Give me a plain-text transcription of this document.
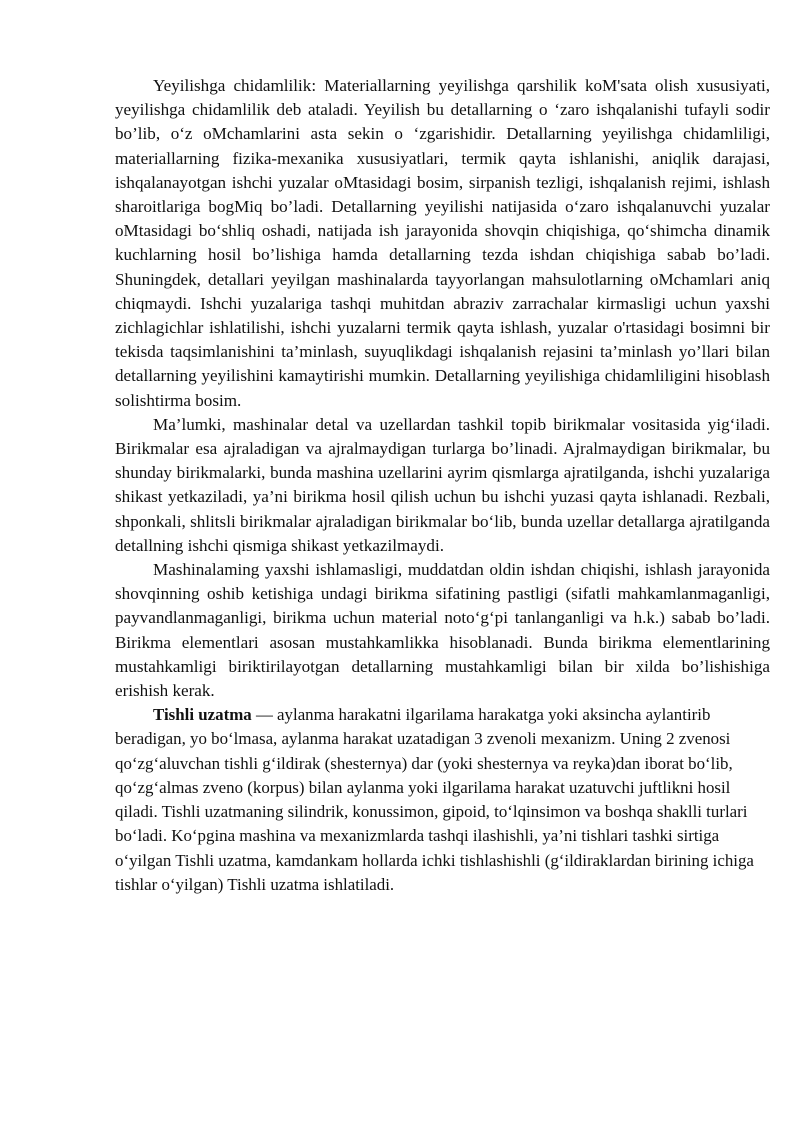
Yeyilishga chidamlilik: Materiallarning yeyilishga qarshilik koM'sata olish xususiyati, yeyilishga chidamlilik deb ataladi. Yeyilish bu detallarning o ‘zaro ishqalanishi tufayli sodir bo’lib, o‘z oMchamlarini asta sekin o ‘zgarishidir. Detallarning yeyilishga chidamliligi, materiallarning fizika-mexanika xususiyatlari, termik qayta ishlanishi, aniqlik darajasi, ishqalanayotgan ishchi yuzalar oMtasidagi bosim, sirpanish tezligi, ishqalanish rejimi, ishlash sharoitlariga bogMiq bo’ladi. Detallarning yeyilishi natijasida o‘zaro ishqalanuvchi yuzalar oMtasidagi bo‘shliq oshadi, natijada ish jarayonida shovqin chiqishiga, qo‘shimcha dinamik kuchlarning hosil bo’lishiga hamda detallarning tezda ishdan chiqishiga sabab bo’ladi. Shuningdek, detallari yeyilgan mashinalarda tayyorlangan mahsulotlarning oMchamlari aniq chiqmaydi. Ishchi yuzalariga tashqi muhitdan abraziv zarrachalar kirmasligi uchun yaxshi zichlagichlar ishlatilishi, ishchi yuzalarni termik qayta ishlash, yuzalar o'rtasidagi bosimni bir tekisda taqsimlanishini ta’minlash, suyuqlikdagi ishqalanish rejasini ta’minlash yo’llari bilan detallarning yeyilishini kamaytirishi mumkin. Detallarning yeyilishiga chidamliligini hisoblash solishtirma bosim.

Ma’lumki, mashinalar detal va uzellardan tashkil topib birikmalar vositasida yig‘iladi. Birikmalar esa ajraladigan va ajralmaydigan turlarga bo’linadi. Ajralmaydigan birikmalar, bu shunday birikmalarki, bunda mashina uzellarini ayrim qismlarga ajratilganda, ishchi yuzalariga shikast yetkaziladi, ya’ni birikma hosil qilish uchun bu ishchi yuzasi qayta ishlanadi. Rezbali, shponkali, shlitsli birikmalar ajraladigan birikmalar bo‘lib, bunda uzellar detallarga ajratilganda detallning ishchi qismiga shikast yetkazilmaydi.

Mashinalaming yaxshi ishlamasligi, muddatdan oldin ishdan chiqishi, ishlash jarayonida shovqinning oshib ketishiga undagi birikma sifatining pastligi (sifatli mahkamlanmaganligi, payvandlanmaganligi, birikma uchun material noto‘g‘pi tanlanganligi va h.k.) sabab bo’ladi. Birikma elementlari asosan mustahkamlikka hisoblanadi. Bunda birikma elementlarining mustahkamligi biriktirilayotgan detallarning mustahkamligi bilan bir xilda bo’lishishiga erishish kerak.

Tishli uzatma — aylanma harakatni ilgarilama harakatga yoki aksincha aylantirib beradigan, yo bo‘lmasa, aylanma harakat uzatadigan 3 zvenoli mexanizm. Uning 2 zvenosi qo‘zg‘aluvchan tishli g‘ildirak (shesternya) dar (yoki shesternya va reyka)dan iborat bo‘lib, qo‘zg‘almas zveno (korpus) bilan aylanma yoki ilgarilama harakat uzatuvchi juftlikni hosil qiladi. Tishli uzatmaning silindrik, konussimon, gipoid, to‘lqinsimon va boshqa shaklli turlari bo‘ladi. Ko‘pgina mashina va mexanizmlarda tashqi ilashishli, ya’ni tishlari tashki sirtiga o‘yilgan Tishli uzatma, kamdankam hollarda ichki tishlashishli (g‘ildiraklardan birining ichiga tishlar o‘yilgan) Tishli uzatma ishlatiladi.
